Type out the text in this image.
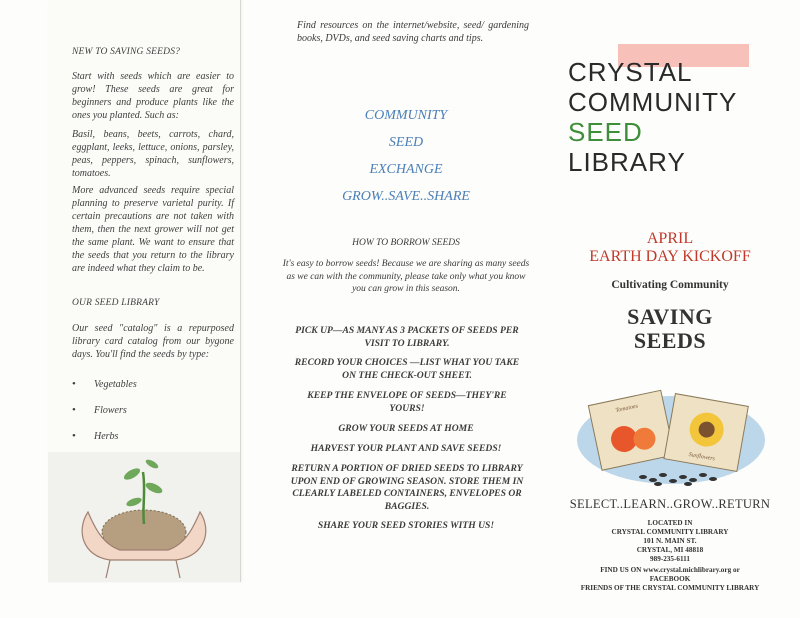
NEW TO SAVING SEEDS?
Start with seeds which are easier to grow! These seeds are great for beginners and produce plants like the ones you planted. Such as:
Basil, beans, beets, carrots, chard, eggplant, leeks, lettuce, onions, parsley, peas, peppers, spinach, sunflowers, tomatoes.
More advanced seeds require special planning to preserve varietal purity. If certain precautions are not taken with them, then the next grower will not get the same plant. We want to ensure that the seeds that you return to the library are indeed what they claim to be.
OUR SEED LIBRARY
Our seed "catalog" is a repurposed library card catalog from our bygone days. You'll find the seeds by type:
• Vegetables
• Flowers
• Herbs
Find resources on the internet/website, seed/ gardening books, DVDs, and seed saving charts and tips.
COMMUNITY
SEED
EXCHANGE
GROW..SAVE..SHARE
HOW TO BORROW SEEDS
It's easy to borrow seeds! Because we are sharing as many seeds as we can with the community, please take only what you know you can grow in this season.
PICK UP—AS MANY AS 3 PACKETS OF SEEDS PER VISIT TO LIBRARY.
RECORD YOUR CHOICES —LIST WHAT YOU TAKE ON THE CHECK-OUT SHEET.
KEEP THE ENVELOPE OF SEEDS—THEY'RE YOURS!
GROW YOUR SEEDS AT HOME
HARVEST YOUR PLANT AND SAVE SEEDS!
RETURN A PORTION OF DRIED SEEDS TO LIBRARY UPON END OF GROWING SEASON. STORE THEM IN CLEARLY LABELED CONTAINERS, ENVELOPES OR BAGGIES.
SHARE YOUR SEED STORIES WITH US!
CRYSTAL
COMMUNITY
SEED
LIBRARY
APRIL
EARTH DAY KICKOFF
Cultivating Community
SAVING
SEEDS
Tomatoes
Sunflowers
SELECT..LEARN..GROW..RETURN
LOCATED IN
CRYSTAL COMMUNITY LIBRARY
101 N. MAIN ST.
CRYSTAL, MI 48818
989-235-6111
FIND US ON www.crystal.michlibrary.org or
FACEBOOK
FRIENDS OF THE CRYSTAL COMMUNITY LIBRARY
